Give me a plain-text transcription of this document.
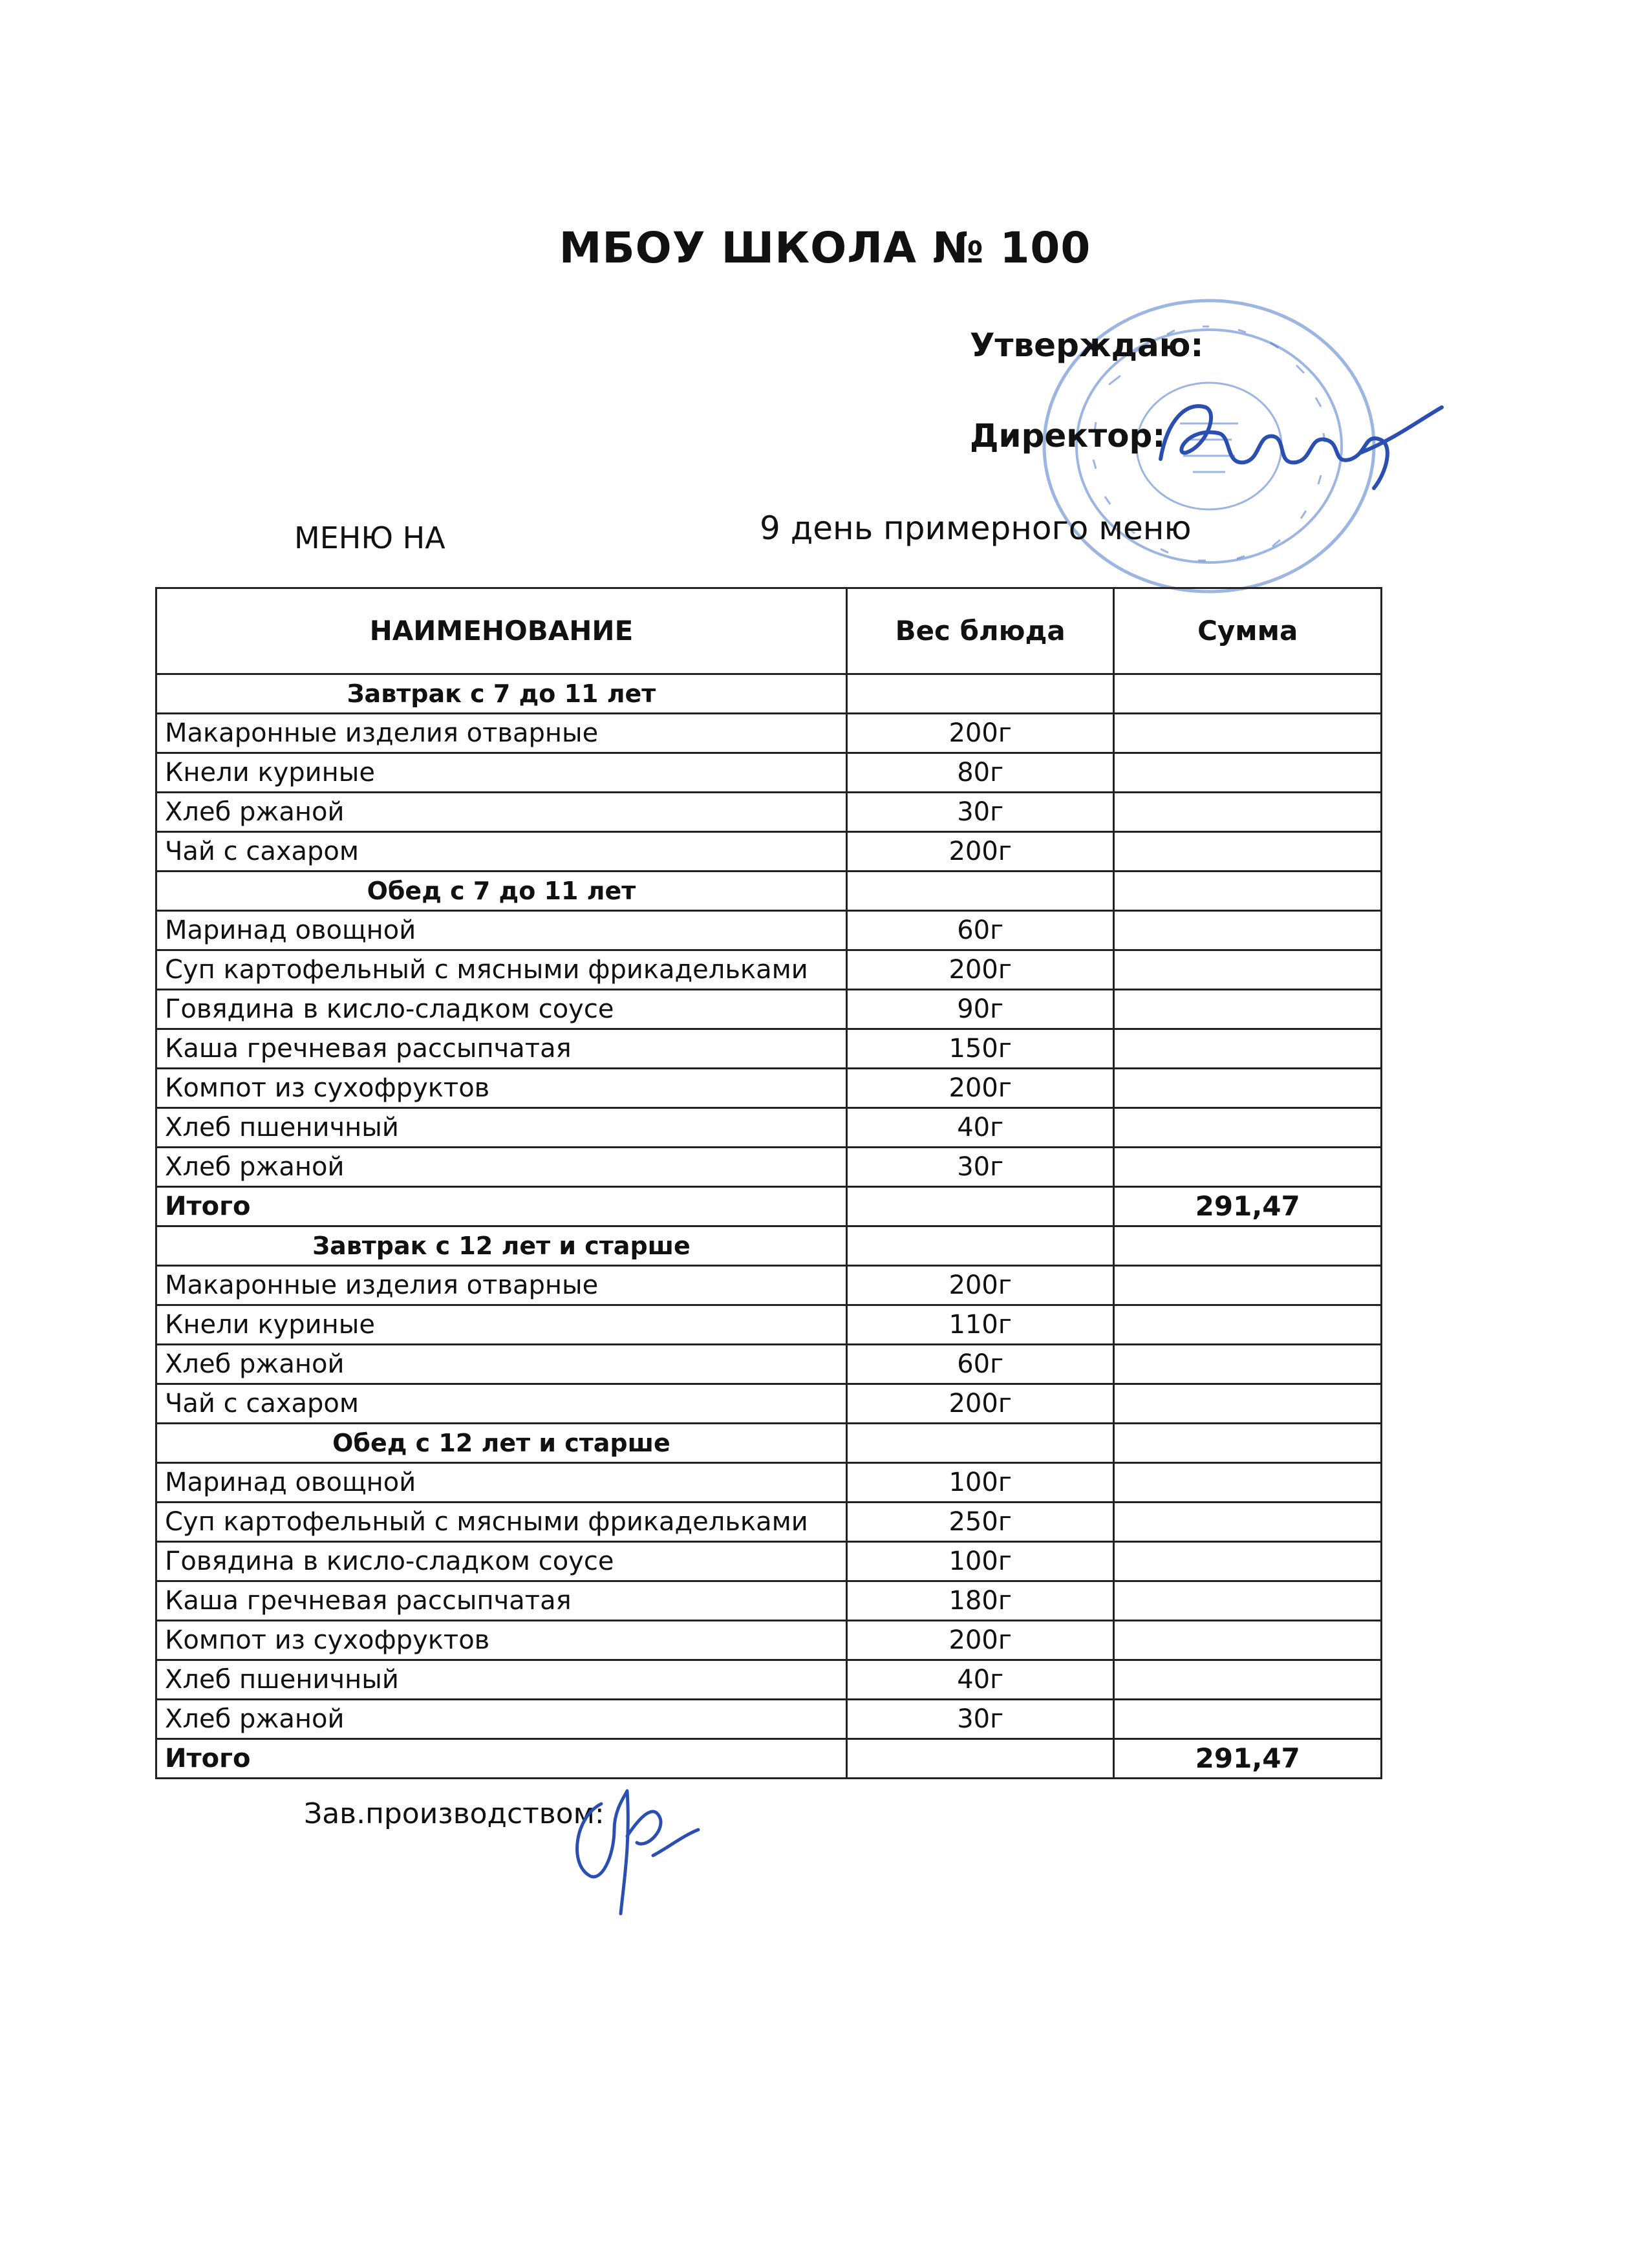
МБОУ ШКОЛА № 100
Утверждаю:
Директор:
МЕНЮ НА	9 день примерного меню
НАИМЕНОВАНИЕ	Вес блюда	Сумма
Завтрак с 7 до 11 лет		
Макаронные изделия отварные	200г	
Кнели куриные	80г	
Хлеб ржаной	30г	
Чай с сахаром	200г	
Обед с 7 до 11 лет		
Маринад овощной	60г	
Суп картофельный с мясными фрикадельками	200г	
Говядина в кисло-сладком соусе	90г	
Каша гречневая рассыпчатая	150г	
Компот из сухофруктов	200г	
Хлеб пшеничный	40г	
Хлеб ржаной	30г	
Итого		291,47
Завтрак с 12 лет и старше		
Макаронные изделия отварные	200г	
Кнели куриные	110г	
Хлеб ржаной	60г	
Чай с сахаром	200г	
Обед с 12 лет и старше		
Маринад овощной	100г	
Суп картофельный с мясными фрикадельками	250г	
Говядина в кисло-сладком соусе	100г	
Каша гречневая рассыпчатая	180г	
Компот из сухофруктов	200г	
Хлеб пшеничный	40г	
Хлеб ржаной	30г	
Итого		291,47
Зав.производством:
